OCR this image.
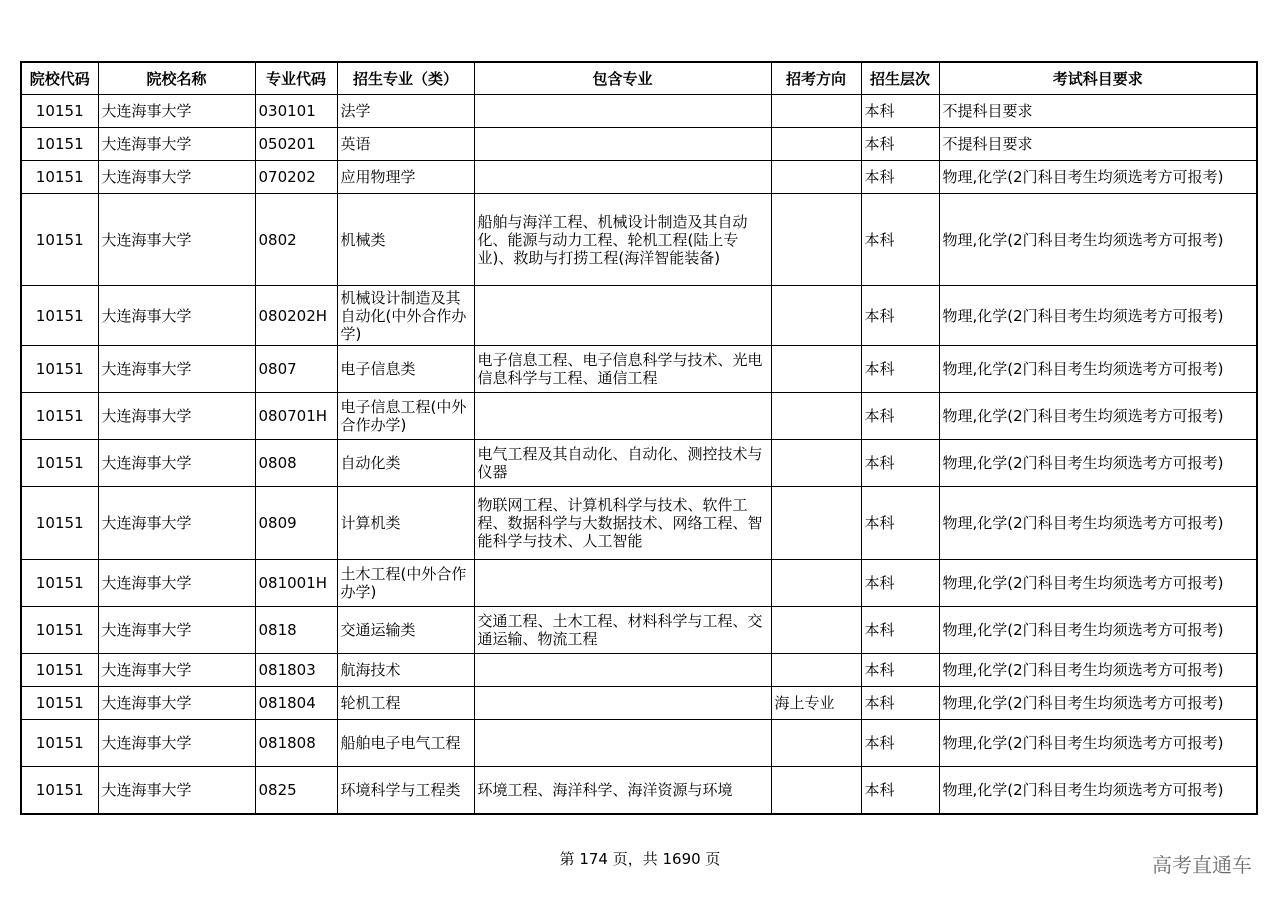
院校代码	院校名称	专业代码	招生专业（类）	包含专业	招考方向	招生层次	考试科目要求
10151	大连海事大学	030101	法学			本科	不提科目要求
10151	大连海事大学	050201	英语			本科	不提科目要求
10151	大连海事大学	070202	应用物理学			本科	物理,化学(2门科目考生均须选考方可报考)
10151	大连海事大学	0802	机械类	船舶与海洋工程、机械设计制造及其自动化、能源与动力工程、轮机工程(陆上专业)、救助与打捞工程(海洋智能装备)		本科	物理,化学(2门科目考生均须选考方可报考)
10151	大连海事大学	080202H	机械设计制造及其自动化(中外合作办学)			本科	物理,化学(2门科目考生均须选考方可报考)
10151	大连海事大学	0807	电子信息类	电子信息工程、电子信息科学与技术、光电信息科学与工程、通信工程		本科	物理,化学(2门科目考生均须选考方可报考)
10151	大连海事大学	080701H	电子信息工程(中外合作办学)			本科	物理,化学(2门科目考生均须选考方可报考)
10151	大连海事大学	0808	自动化类	电气工程及其自动化、自动化、测控技术与仪器		本科	物理,化学(2门科目考生均须选考方可报考)
10151	大连海事大学	0809	计算机类	物联网工程、计算机科学与技术、软件工程、数据科学与大数据技术、网络工程、智能科学与技术、人工智能		本科	物理,化学(2门科目考生均须选考方可报考)
10151	大连海事大学	081001H	土木工程(中外合作办学)			本科	物理,化学(2门科目考生均须选考方可报考)
10151	大连海事大学	0818	交通运输类	交通工程、土木工程、材料科学与工程、交通运输、物流工程		本科	物理,化学(2门科目考生均须选考方可报考)
10151	大连海事大学	081803	航海技术			本科	物理,化学(2门科目考生均须选考方可报考)
10151	大连海事大学	081804	轮机工程		海上专业	本科	物理,化学(2门科目考生均须选考方可报考)
10151	大连海事大学	081808	船舶电子电气工程			本科	物理,化学(2门科目考生均须选考方可报考)
10151	大连海事大学	0825	环境科学与工程类	环境工程、海洋科学、海洋资源与环境		本科	物理,化学(2门科目考生均须选考方可报考)
第 174 页，共 1690 页	高考直通车
